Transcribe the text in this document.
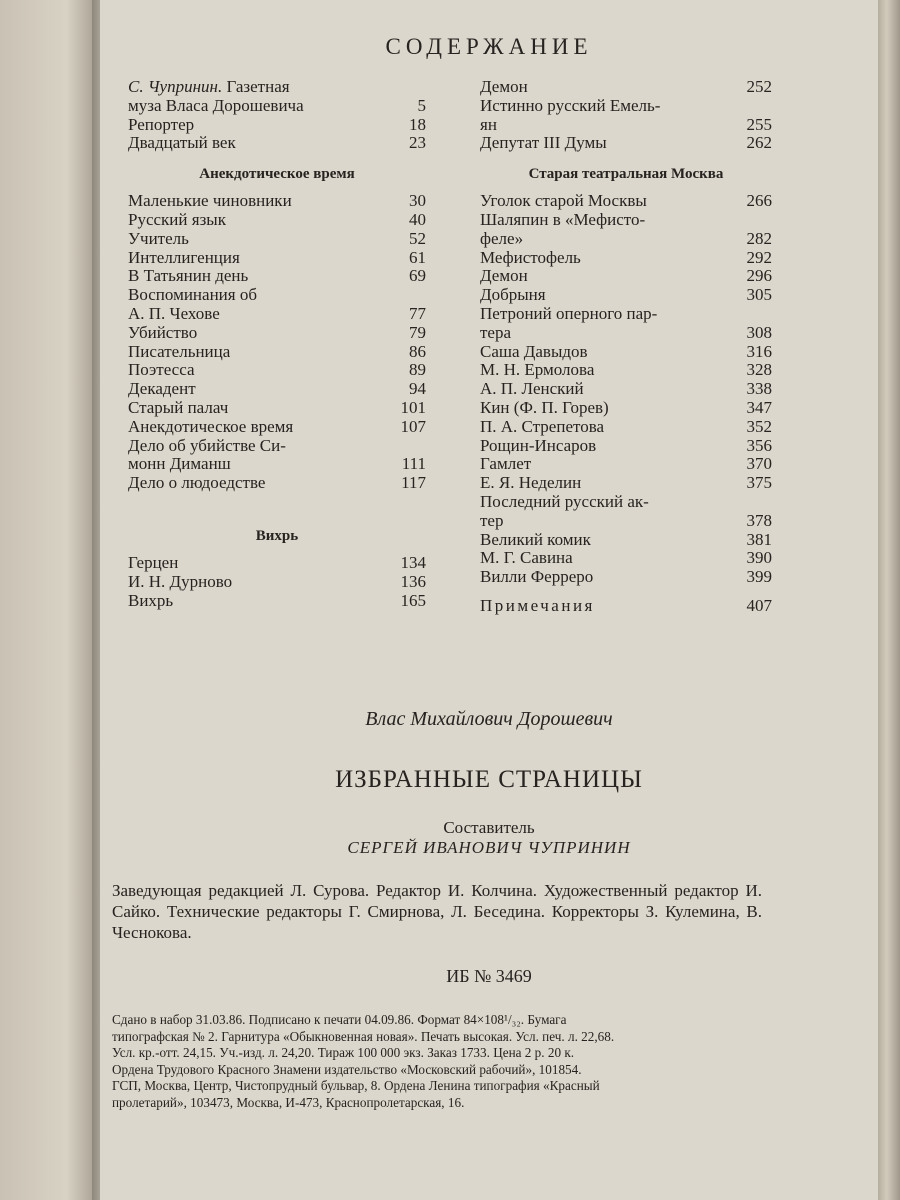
СОДЕРЖАНИЕ
С. Чупринин. Газетная
муза Власа Дорошевича	5
Репортер	18
Двадцатый век	23
Анекдотическое время
Маленькие чиновники	30
Русский язык	40
Учитель	52
Интеллигенция	61
В Татьянин день	69
Воспоминания об
А. П. Чехове	77
Убийство	79
Писательница	86
Поэтесса	89
Декадент	94
Старый палач	101
Анекдотическое время	107
Дело об убийстве Си-
монн Диманш	111
Дело о людоедстве	117
Вихрь
Герцен	134
И. Н. Дурново	136
Вихрь	165
Демон	252
Истинно русский Емель-
ян	255
Депутат III Думы	262
Старая театральная Москва
Уголок старой Москвы	266
Шаляпин в «Мефисто-
феле»	282
Мефистофель	292
Демон	296
Добрыня	305
Петроний оперного пар-
тера	308
Саша Давыдов	316
М. Н. Ермолова	328
А. П. Ленский	338
Кин (Ф. П. Горев)	347
П. А. Стрепетова	352
Рощин-Инсаров	356
Гамлет	370
Е. Я. Неделин	375
Последний русский ак-
тер	378
Великий комик	381
М. Г. Савина	390
Вилли Ферреро	399
Примечания	407
Влас Михайлович Дорошевич
ИЗБРАННЫЕ СТРАНИЦЫ
Составитель
СЕРГЕЙ ИВАНОВИЧ ЧУПРИНИН
Заведующая редакцией Л. Сурова. Редактор И. Колчина. Художественный редактор И. Сайко. Технические редакторы Г. Смирнова, Л. Беседина. Корректоры З. Кулемина, В. Чеснокова.
ИБ № 3469
Сдано в набор 31.03.86. Подписано к печати 04.09.86. Формат 84×108¹/₃₂. Бумага
типографская № 2. Гарнитура «Обыкновенная новая». Печать высокая. Усл. печ. л. 22,68.
Усл. кр.-отт. 24,15. Уч.-изд. л. 24,20. Тираж 100 000 экз. Заказ 1733. Цена 2 р. 20 к.
Ордена Трудового Красного Знамени издательство «Московский рабочий», 101854.
ГСП, Москва, Центр, Чистопрудный бульвар, 8. Ордена Ленина типография «Красный
пролетарий», 103473, Москва, И-473, Краснопролетарская, 16.
